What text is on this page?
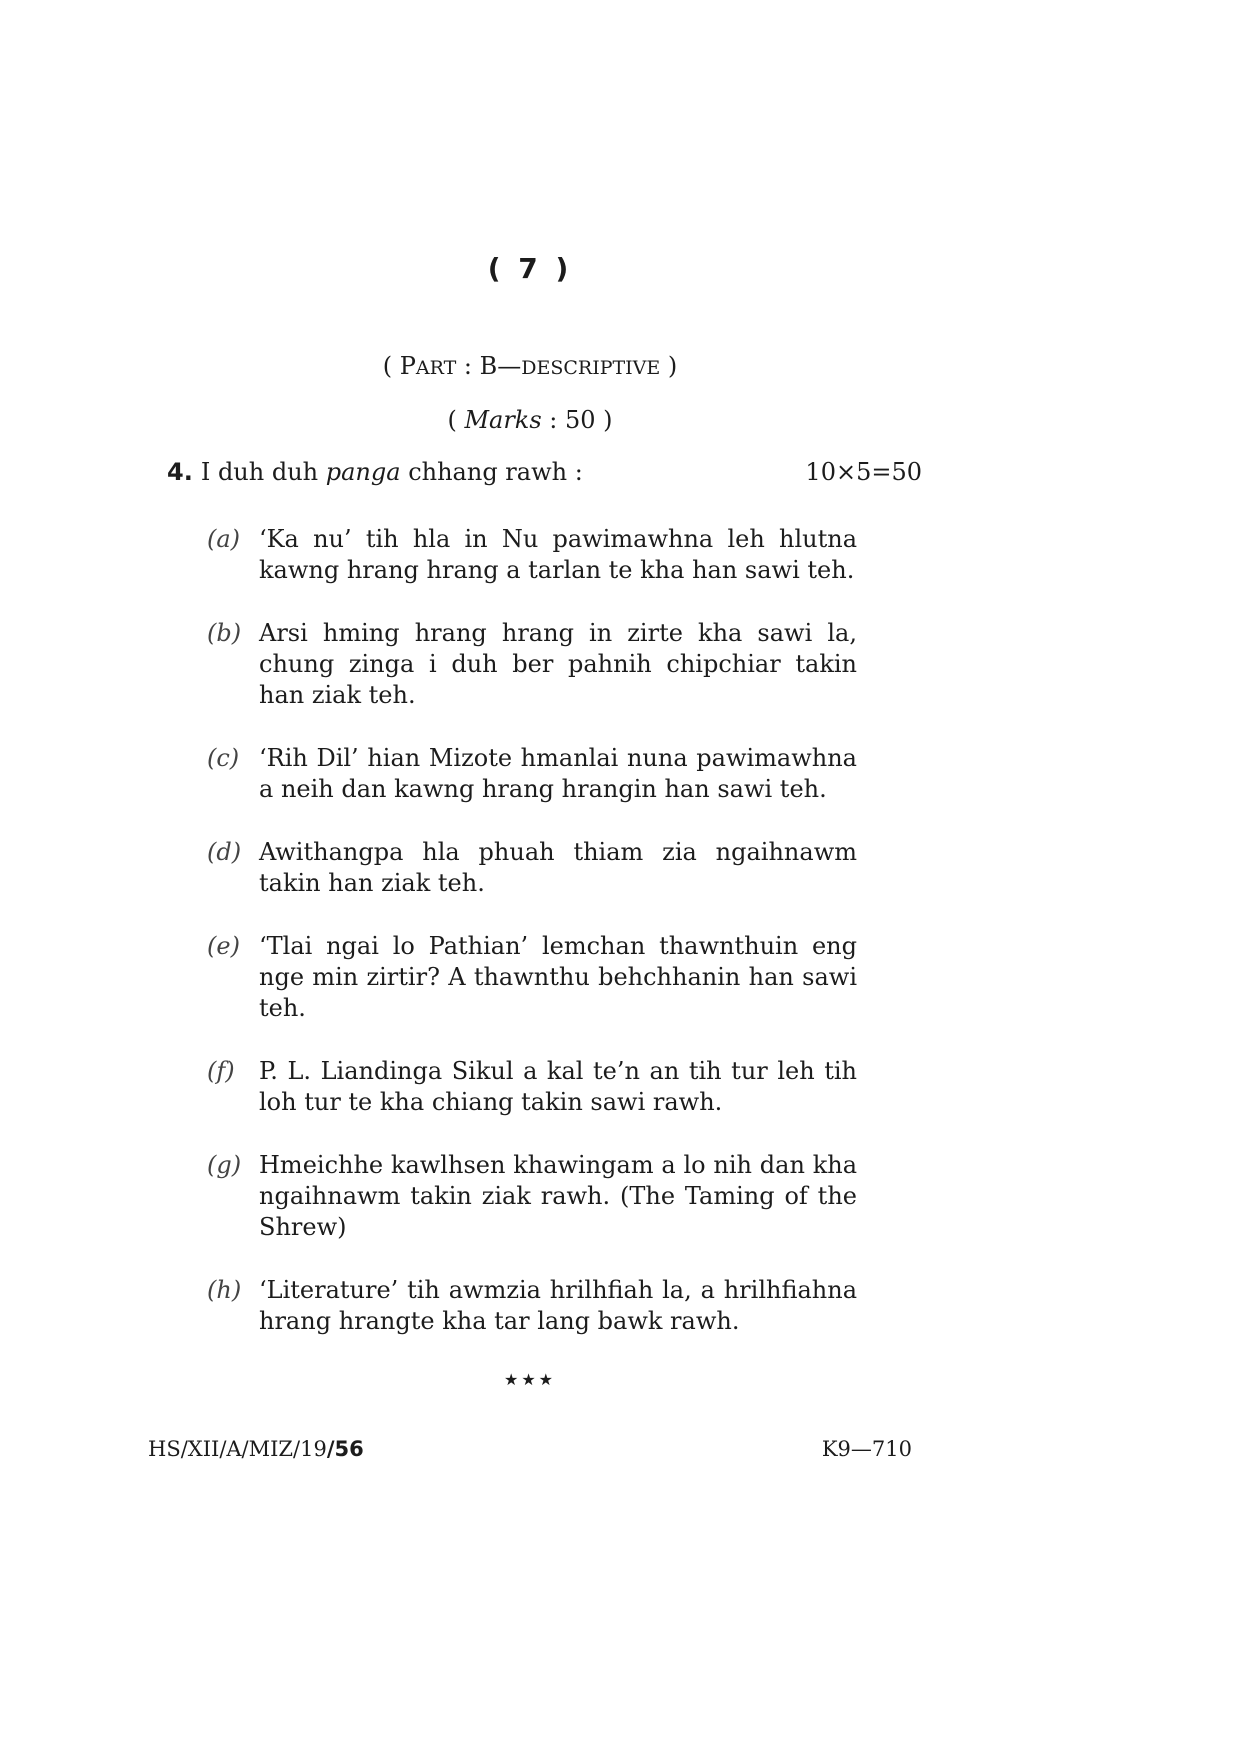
( 7 )
( PART : B—DESCRIPTIVE )
( Marks : 50 )
4. I duh duh panga chhang rawh :	10×5=50
(a) ‘Ka nu’ tih hla in Nu pawimawhna leh hlutna kawng hrang hrang a tarlan te kha han sawi teh.
(b) Arsi hming hrang hrang in zirte kha sawi la, chung zinga i duh ber pahnih chipchiar takin han ziak teh.
(c) ‘Rih Dil’ hian Mizote hmanlai nuna pawimawhna a neih dan kawng hrang hrangin han sawi teh.
(d) Awithangpa hla phuah thiam zia ngaihnawm takin han ziak teh.
(e) ‘Tlai ngai lo Pathian’ lemchan thawnthuin eng nge min zirtir? A thawnthu behchhanin han sawi teh.
(f) P. L. Liandinga Sikul a kal te’n an tih tur leh tih loh tur te kha chiang takin sawi rawh.
(g) Hmeichhe kawlhsen khawingam a lo nih dan kha ngaihnawm takin ziak rawh. (The Taming of the Shrew)
(h) ‘Literature’ tih awmzia hrilhfiah la, a hrilhfiahna hrang hrangte kha tar lang bawk rawh.
★★★
HS/XII/A/MIZ/19/56	K9—710
